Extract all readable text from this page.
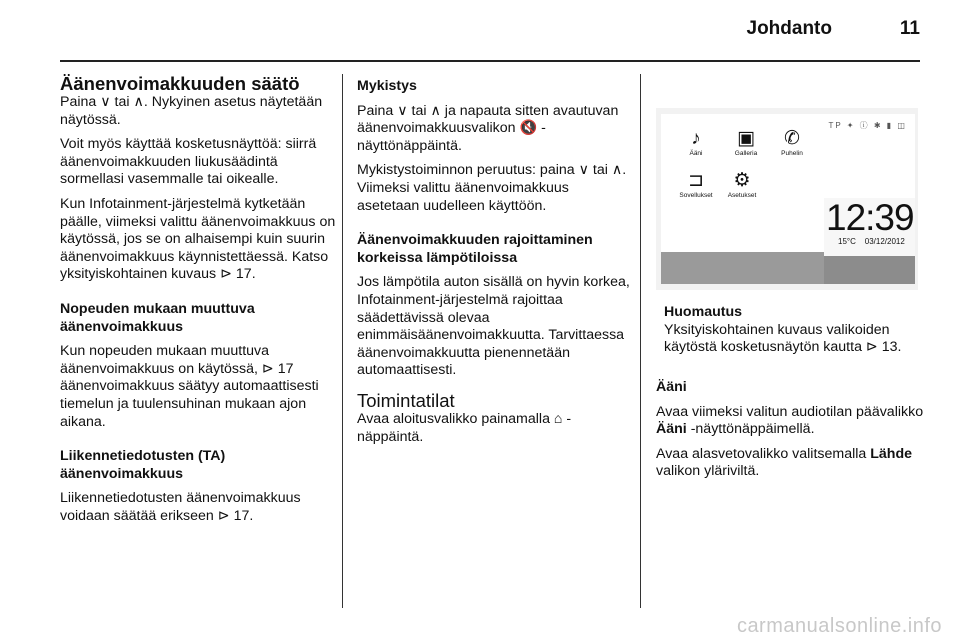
Johdanto	11
Äänenvoimakkuuden säätö

Paina ∨ tai ∧. Nykyinen asetus näytetään näytössä.

Voit myös käyttää kosketusnäyttöä: siirrä äänenvoimakkuuden liukusäädintä sormellasi vasemmalle tai oikealle.

Kun Infotainment-järjestelmä kytketään päälle, viimeksi valittu äänenvoimakkuus on käytössä, jos se on alhaisempi kuin suurin äänenvoimakkuus käynnistettäessä. Katso yksityiskohtainen kuvaus ⊳ 17.

Nopeuden mukaan muuttuva äänenvoimakkuus

Kun nopeuden mukaan muuttuva äänenvoimakkuus on käytössä, ⊳ 17 äänenvoimakkuus säätyy automaattisesti tiemelun ja tuulensuhinan mukaan ajon aikana.

Liikennetiedotusten (TA) äänenvoimakkuus

Liikennetiedotusten äänenvoimakkuus voidaan säätää erikseen ⊳ 17.

Mykistys

Paina ∨ tai ∧ ja napauta sitten avautuvan äänenvoimakkuusvalikon 🔇 -näyttönäppäintä.

Mykistystoiminnon peruutus: paina ∨ tai ∧. Viimeksi valittu äänenvoimakkuus asetetaan uudelleen käyttöön.

Äänenvoimakkuuden rajoittaminen korkeissa lämpötiloissa

Jos lämpötila auton sisällä on hyvin korkea, Infotainment-järjestelmä rajoittaa säädettävissä olevaa enimmäisäänenvoimakkuutta. Tarvittaessa äänenvoimakkuutta pienennetään automaattisesti.

Toimintatilat

Avaa aloitusvalikko painamalla ⌂ -näppäintä.

♪
Ääni
▣
Galleria
✆
Puhelin
⊐
Sovellukset
⚙
Asetukset
TP ✦ ⓘ ✱ ▮ ◫
12:39
15°C 03/12/2012
Huomautus
Yksityiskohtainen kuvaus valikoiden käytöstä kosketusnäytön kautta ⊳ 13.

Ääni

Avaa viimeksi valitun audiotilan päävalikko Ääni -näyttönäppäimellä.

Avaa alasvetovalikko valitsemalla Lähde valikon yläriviltä.

carmanualsonline.info
